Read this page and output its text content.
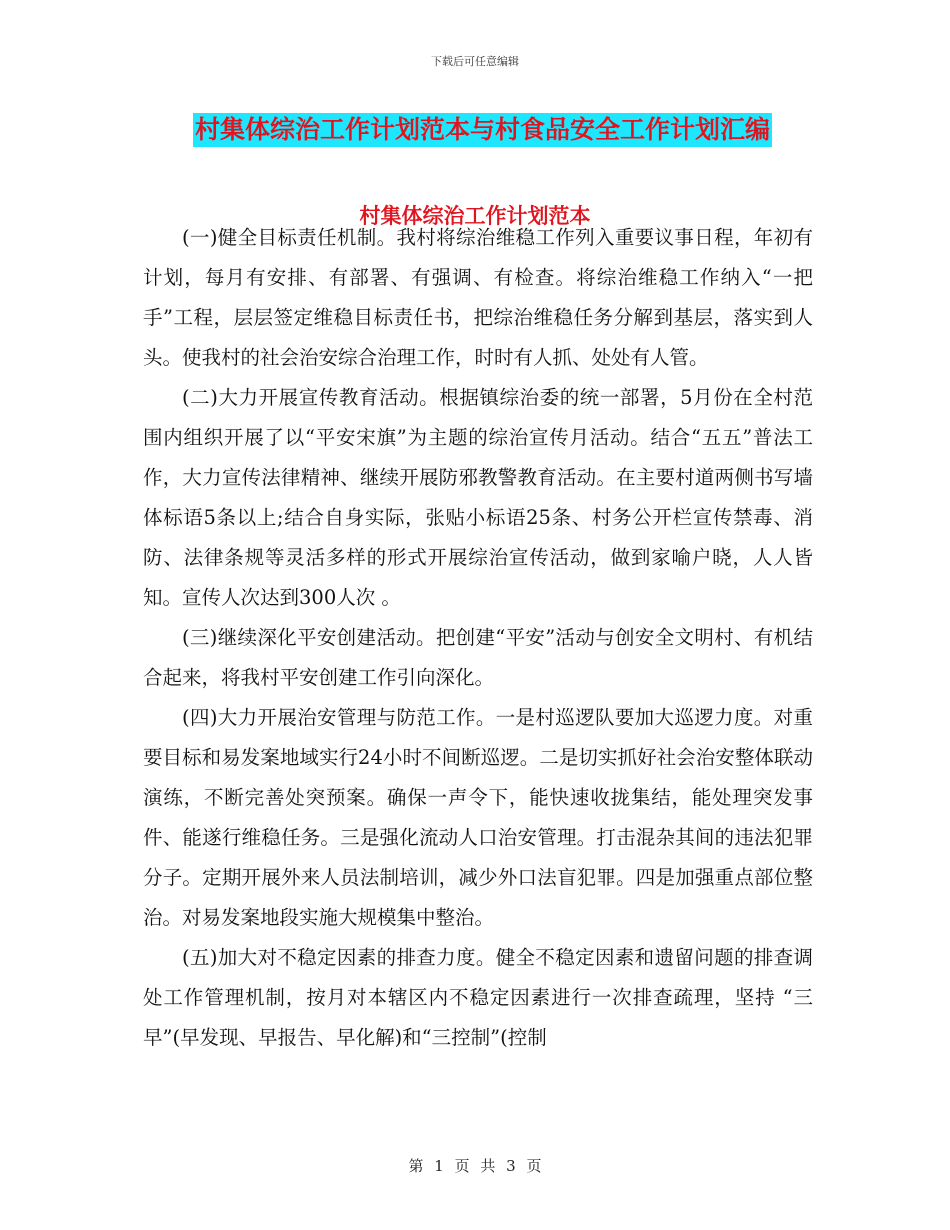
下载后可任意编辑
村集体综治工作计划范本与村食品安全工作计划汇编
村集体综治工作计划范本

(一)健全目标责任机制。我村将综治维稳工作列入重要议事日程，年初有计划，每月有安排、有部署、有强调、有检查。将综治维稳工作纳入“一把手”工程，层层签定维稳目标责任书，把综治维稳任务分解到基层，落实到人头。使我村的社会治安综合治理工作，时时有人抓、处处有人管。

(二)大力开展宣传教育活动。根据镇综治委的统一部署，5月份在全村范围内组织开展了以“平安宋旗”为主题的综治宣传月活动。结合“五五”普法工作，大力宣传法律精神、继续开展防邪教警教育活动。在主要村道两侧书写墙体标语5条以上;结合自身实际，张贴小标语25条、村务公开栏宣传禁毒、消防、法律条规等灵活多样的形式开展综治宣传活动，做到家喻户晓，人人皆知。宣传人次达到300人次 。

(三)继续深化平安创建活动。把创建“平安”活动与创安全文明村、有机结合起来，将我村平安创建工作引向深化。

(四)大力开展治安管理与防范工作。一是村巡逻队要加大巡逻力度。对重要目标和易发案地域实行24小时不间断巡逻。二是切实抓好社会治安整体联动演练，不断完善处突预案。确保一声令下，能快速收拢集结，能处理突发事件、能遂行维稳任务。三是强化流动人口治安管理。打击混杂其间的违法犯罪分子。定期开展外来人员法制培训，减少外口法盲犯罪。四是加强重点部位整治。对易发案地段实施大规模集中整治。

(五)加大对不稳定因素的排查力度。健全不稳定因素和遗留问题的排查调处工作管理机制，按月对本辖区内不稳定因素进行一次排查疏理，坚持 “三早”(早发现、早报告、早化解)和“三控制”(控制

第 1 页 共 3 页
